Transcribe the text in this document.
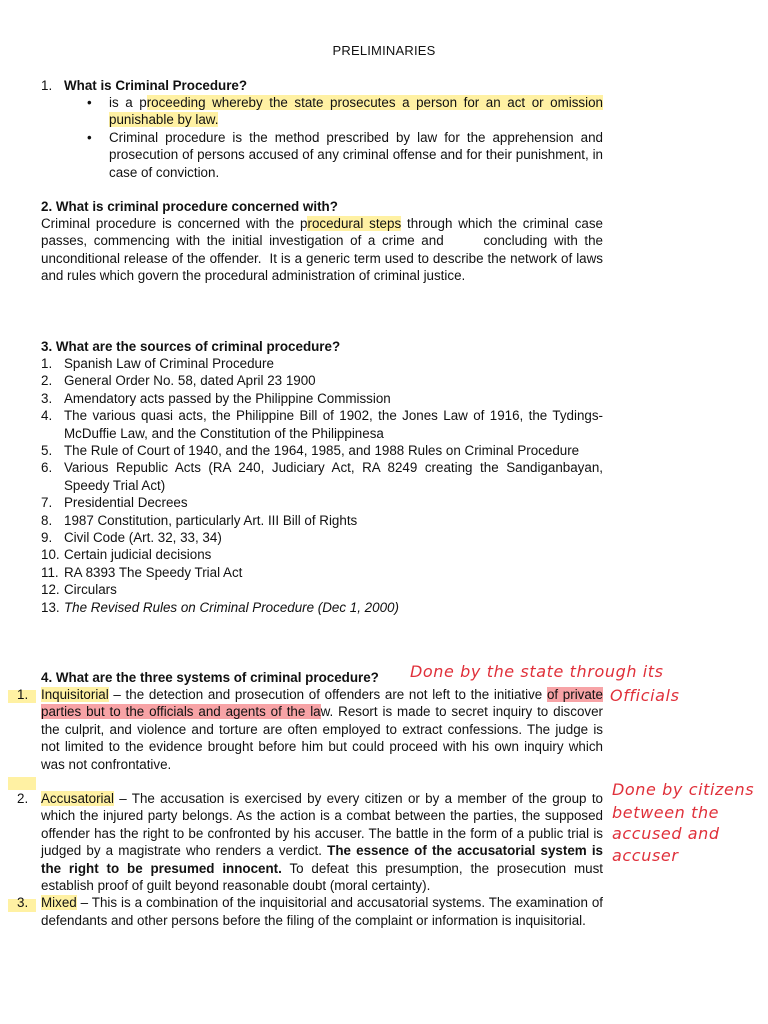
PRELIMINARIES
1. What is Criminal Procedure?
• is a proceeding whereby the state prosecutes a person for an act or omission punishable by law.
• Criminal procedure is the method prescribed by law for the apprehension and prosecution of persons accused of any criminal offense and for their punishment, in case of conviction.
2. What is criminal procedure concerned with?
Criminal procedure is concerned with the procedural steps through which the criminal case passes, commencing with the initial investigation of a crime and      concluding with the unconditional release of the offender.  It is a generic term used to describe the network of laws and rules which govern the procedural administration of criminal justice.
3. What are the sources of criminal procedure?
1. Spanish Law of Criminal Procedure
2. General Order No. 58, dated April 23 1900
3. Amendatory acts passed by the Philippine Commission
4. The various quasi acts, the Philippine Bill of 1902, the Jones Law of 1916, the Tydings-McDuffie Law, and the Constitution of the Philippinesa
5. The Rule of Court of 1940, and the 1964, 1985, and 1988 Rules on Criminal Procedure
6. Various Republic Acts (RA 240, Judiciary Act, RA 8249 creating the Sandiganbayan, Speedy Trial Act)
7. Presidential Decrees
8. 1987 Constitution, particularly Art. III Bill of Rights
9. Civil Code (Art. 32, 33, 34)
10. Certain judicial decisions
11. RA 8393 The Speedy Trial Act
12. Circulars
13. The Revised Rules on Criminal Procedure (Dec 1, 2000)
4. What are the three systems of criminal procedure?
1. Inquisitorial – the detection and prosecution of offenders are not left to the initiative of private parties but to the officials and agents of the law. Resort is made to secret inquiry to discover the culprit, and violence and torture are often employed to extract confessions. The judge is not limited to the evidence brought before him but could proceed with his own inquiry which was not confrontative.
2. Accusatorial – The accusation is exercised by every citizen or by a member of the group to which the injured party belongs. As the action is a combat between the parties, the supposed offender has the right to be confronted by his accuser. The battle in the form of a public trial is judged by a magistrate who renders a verdict. The essence of the accusatorial system is the right to be presumed innocent. To defeat this presumption, the prosecution must establish proof of guilt beyond reasonable doubt (moral certainty).
3. Mixed – This is a combination of the inquisitorial and accusatorial systems. The examination of defendants and other persons before the filing of the complaint or information is inquisitorial.
Done by the state through its
Officials
Done by citizens
between the
accused and
accuser
